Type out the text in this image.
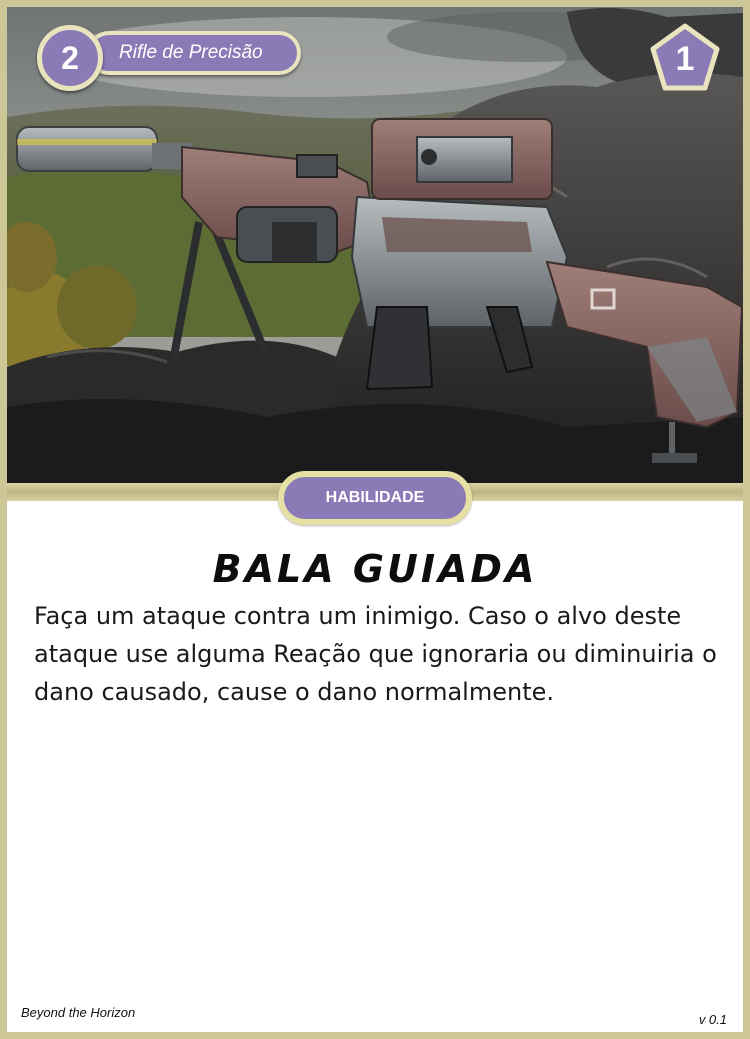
Rifle de Precisão
2	1
HABILIDADE
BALA GUIADA
Faça um ataque contra um inimigo. Caso o alvo deste ataque use alguma Reação que ignoraria ou diminuiria o dano causado, cause o dano normalmente.
Beyond the Horizon	v 0.1
